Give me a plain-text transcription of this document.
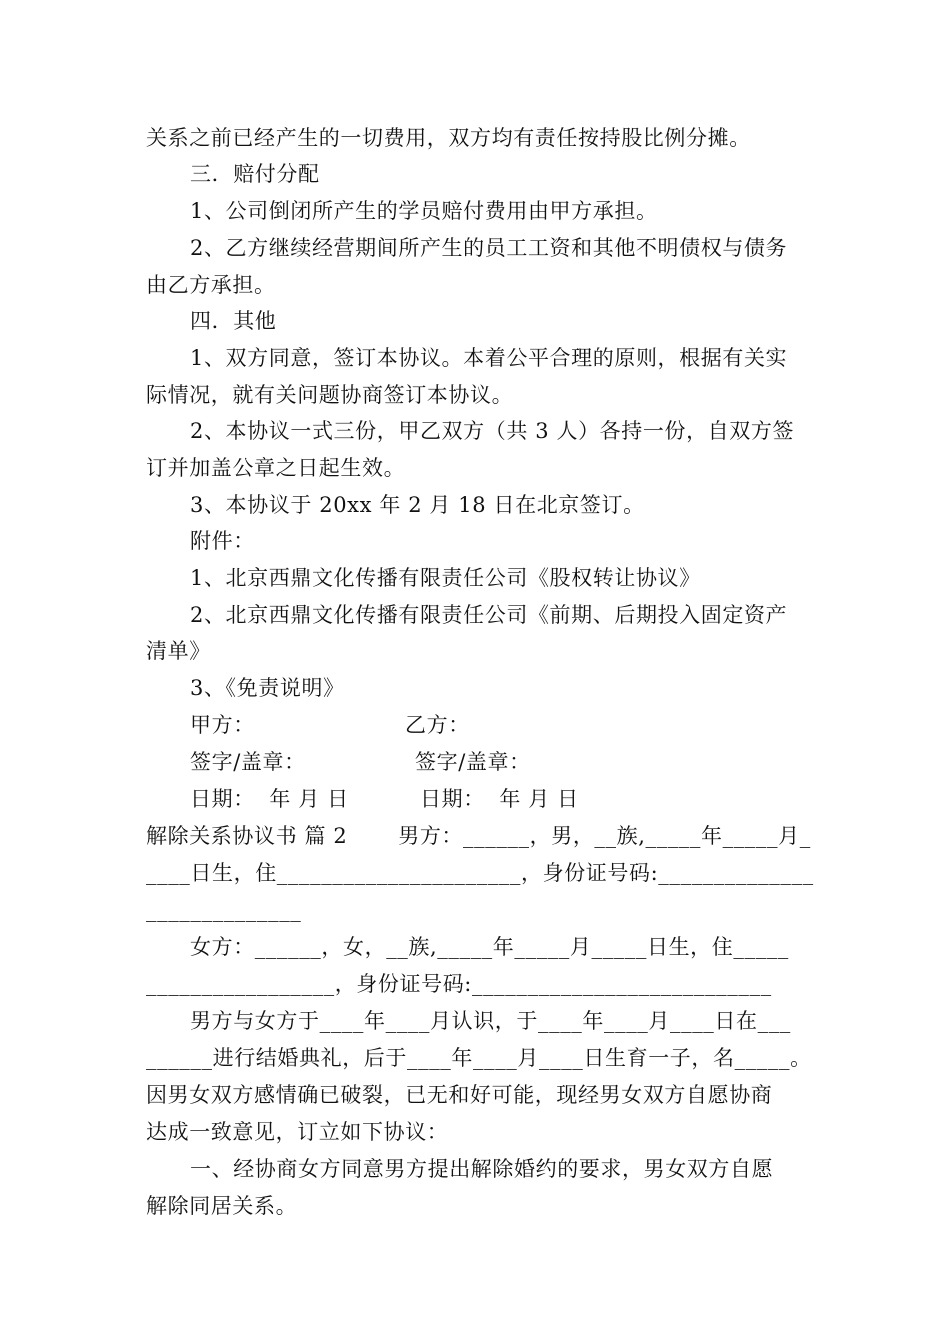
关系之前已经产生的一切费用，双方均有责任按持股比例分摊。
三．赔付分配
1、公司倒闭所产生的学员赔付费用由甲方承担。
2、乙方继续经营期间所产生的员工工资和其他不明债权与债务
由乙方承担。
四．其他
1、双方同意，签订本协议。本着公平合理的原则，根据有关实
际情况，就有关问题协商签订本协议。
2、本协议一式三份，甲乙双方（共 3 人）各持一份，自双方签
订并加盖公章之日起生效。
3、本协议于 20xx 年 2 月 18 日在北京签订。
附件：
1、北京西鼎文化传播有限责任公司《股权转让协议》
2、北京西鼎文化传播有限责任公司《前期、后期投入固定资产
清单》
3、《免责说明》
甲方：	乙方：
签字/盖章：	签字/盖章：
日期：  年 月 日	日期：  年 月 日
解除关系协议书 篇 2       男方：______，男，__族,_____年_____月_
____日生，住______________________，身份证号码:______________
______________
女方：______，女，__族,_____年_____月_____日生，住_____
_________________，身份证号码:___________________________
男方与女方于____年____月认识，于____年____月____日在___
______进行结婚典礼，后于____年____月____日生育一子，名_____。
因男女双方感情确已破裂，已无和好可能，现经男女双方自愿协商
达成一致意见，订立如下协议：
一、经协商女方同意男方提出解除婚约的要求，男女双方自愿
解除同居关系。
